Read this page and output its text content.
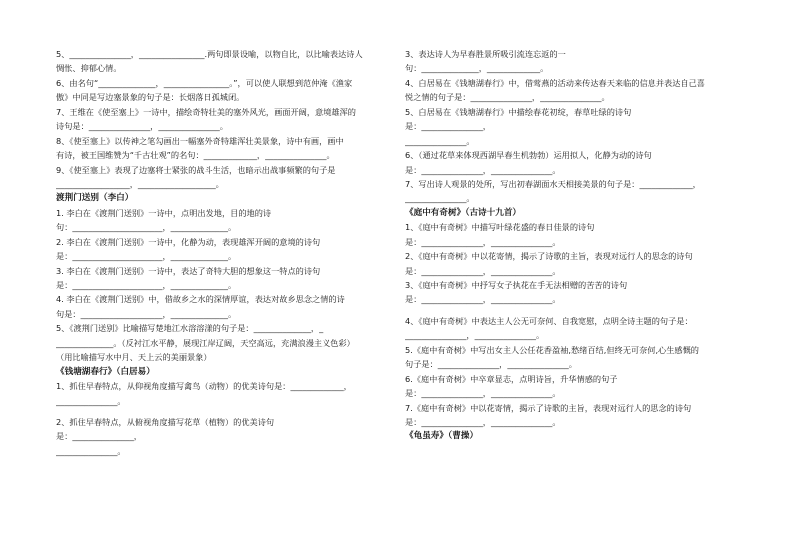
5、_______________，________________.两句即景设喻，以物自比，以比喻表达诗人
惆怅、抑郁心情。
6、由名句“______________，________________。”，可以使人联想到范仲淹《渔家
傲》中同是写边塞景象的句子是：长烟落日孤城闭。
7、王维在《使至塞上》一诗中，描绘奇特壮美的塞外风光，画面开阔，意境雄浑的
诗句是：_______________，_______________。
8、《使至塞上》以传神之笔勾画出一幅塞外奇特雄浑壮美景象，诗中有画，画中
有诗，被王国维赞为“千古壮观”的名句：_____________，_______________。
9、《使至塞上》表现了边塞将士紧张的战斗生活，也暗示出战事频繁的句子是
__________________，___________________。
渡荆门送别（李白）
1. 李白在《渡荆门送别》一诗中，点明出发地，目的地的诗
句：______________________，______________。
2. 李白在《渡荆门送别》一诗中，化静为动，表现雄浑开阔的意境的诗句
是：______________________，______________。
3. 李白在《渡荆门送别》一诗中，表达了奇特大胆的想象这一特点的诗句
是：______________________，______________。
4. 李白在《渡荆门送别》中，借故乡之水的深情厚谊，表达对故乡思念之情的诗
句是：____________________，______________。
5、《渡荆门送别》比喻描写楚地江水溶溶漾的句子是：______________，_
______________。（反衬江水平静，展现江岸辽阔，天空高远，充满浪漫主义色彩）
（用比喻描写水中月、天上云的美丽景象）
《钱塘湖春行》（白居易）
1、抓住早春特点，从仰视角度描写禽鸟（动物）的优美诗句是：_____________，
_______________。
2、抓住早春特点，从俯视角度描写花草（植物）的优美诗句
是：_______________，
_______________。
3、表达诗人为早春胜景所吸引流连忘返的一
句：______________，_____________。
4、白居易在《钱塘湖春行》中，借莺燕的活动来传达春天来临的信息并表达自己喜
悦之情的句子是：_______________，_______________。
5、白居易在《钱塘湖春行》中描绘春花初绽，春草吐绿的诗句
是：_______________，
_______________。
6、（通过花草来体现西湖早春生机勃勃）运用拟人，化静为动的诗句
是：_______________，_______________。
7、写出诗人观景的处所，写出初春湖面水天相接美景的句子是：_____________，
_______________。
《庭中有奇树》（古诗十九首）
1、《庭中有奇树》中描写叶绿花盛的春日佳景的诗句
是：_______________，_______________。
2、《庭中有奇树》中以花寄情，揭示了诗歌的主旨，表现对远行人的思念的诗句
是：_______________，_______________。
3、《庭中有奇树》中抒写女子执花在手无法相赠的苦苦的诗句
是：_______________，_______________。
4、《庭中有奇树》中表达主人公无可奈何、自我宽慰，点明全诗主题的句子是：
_______________，_______________。
5.《庭中有奇树》中写出女主人公任花香盈袖,愁绪百结,但终无可奈何,心生感慨的
句子是：_______________，_______________。
6.《庭中有奇树》中卒章显志，点明诗旨，升华情感的句子
是：_______________，_______________。
7.《庭中有奇树》中以花寄情，揭示了诗歌的主旨，表现对远行人的思念的诗句
是：_______________，_______________。
《龟虽寿》（曹操）
